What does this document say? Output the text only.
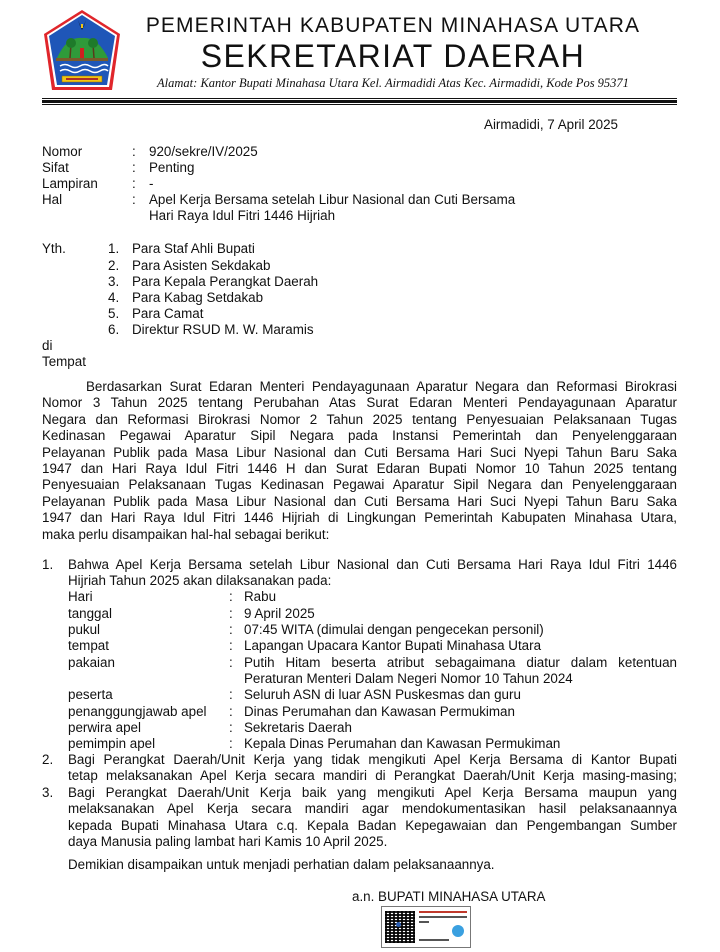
PEMERINTAH KABUPATEN MINAHASA UTARA
SEKRETARIAT DAERAH
Alamat: Kantor Bupati Minahasa Utara Kel. Airmadidi Atas Kec. Airmadidi, Kode Pos 95371
Airmadidi, 7 April 2025
Nomor	: 920/sekre/IV/2025
Sifat	: Penting
Lampiran	: -
Hal	: Apel Kerja Bersama setelah Libur Nasional dan Cuti Bersama
Hari Raya Idul Fitri 1446 Hijriah
Yth.	1. Para Staf Ahli Bupati
2. Para Asisten Sekdakab
3. Para Kepala Perangkat Daerah
4. Para Kabag Setdakab
5. Para Camat
6. Direktur RSUD M. W. Maramis
di
Tempat
Berdasarkan Surat Edaran Menteri Pendayagunaan Aparatur Negara dan Reformasi Birokrasi
Nomor 3 Tahun 2025 tentang Perubahan Atas Surat Edaran Menteri Pendayagunaan Aparatur
Negara dan Reformasi Birokrasi Nomor 2 Tahun 2025 tentang Penyesuaian Pelaksanaan Tugas
Kedinasan Pegawai Aparatur Sipil Negara pada Instansi Pemerintah dan Penyelenggaraan
Pelayanan Publik pada Masa Libur Nasional dan Cuti Bersama Hari Suci Nyepi Tahun Baru Saka
1947 dan Hari Raya Idul Fitri 1446 H dan Surat Edaran Bupati Nomor 10 Tahun 2025 tentang
Penyesuaian Pelaksanaan Tugas Kedinasan Pegawai Aparatur Sipil Negara dan Penyelenggaraan
Pelayanan Publik pada Masa Libur Nasional dan Cuti Bersama Hari Suci Nyepi Tahun Baru Saka
1947 dan Hari Raya Idul Fitri 1446 Hijriah di Lingkungan Pemerintah Kabupaten Minahasa Utara,
maka perlu disampaikan hal-hal sebagai berikut:
1. Bahwa Apel Kerja Bersama setelah Libur Nasional dan Cuti Bersama Hari Raya Idul Fitri 1446
Hijriah Tahun 2025 akan dilaksanakan pada:
Hari	: Rabu
tanggal	: 9 April 2025
pukul	: 07:45 WITA (dimulai dengan pengecekan personil)
tempat	: Lapangan Upacara Kantor Bupati Minahasa Utara
pakaian	: Putih Hitam beserta atribut sebagaimana diatur dalam ketentuan
Peraturan Menteri Dalam Negeri Nomor 10 Tahun 2024
peserta	: Seluruh ASN di luar ASN Puskesmas dan guru
penanggungjawab apel : Dinas Perumahan dan Kawasan Permukiman
perwira apel	: Sekretaris Daerah
pemimpin apel	: Kepala Dinas Perumahan dan Kawasan Permukiman
2. Bagi Perangkat Daerah/Unit Kerja yang tidak mengikuti Apel Kerja Bersama di Kantor Bupati
tetap melaksanakan Apel Kerja secara mandiri di Perangkat Daerah/Unit Kerja masing-masing;
3. Bagi Perangkat Daerah/Unit Kerja baik yang mengikuti Apel Kerja Bersama maupun yang
melaksanakan Apel Kerja secara mandiri agar mendokumentasikan hasil pelaksanaannya
kepada Bupati Minahasa Utara c.q. Kepala Badan Kepegawaian dan Pengembangan Sumber
daya Manusia paling lambat hari Kamis 10 April 2025.
Demikian disampaikan untuk menjadi perhatian dalam pelaksanaannya.
a.n. BUPATI MINAHASA UTARA
